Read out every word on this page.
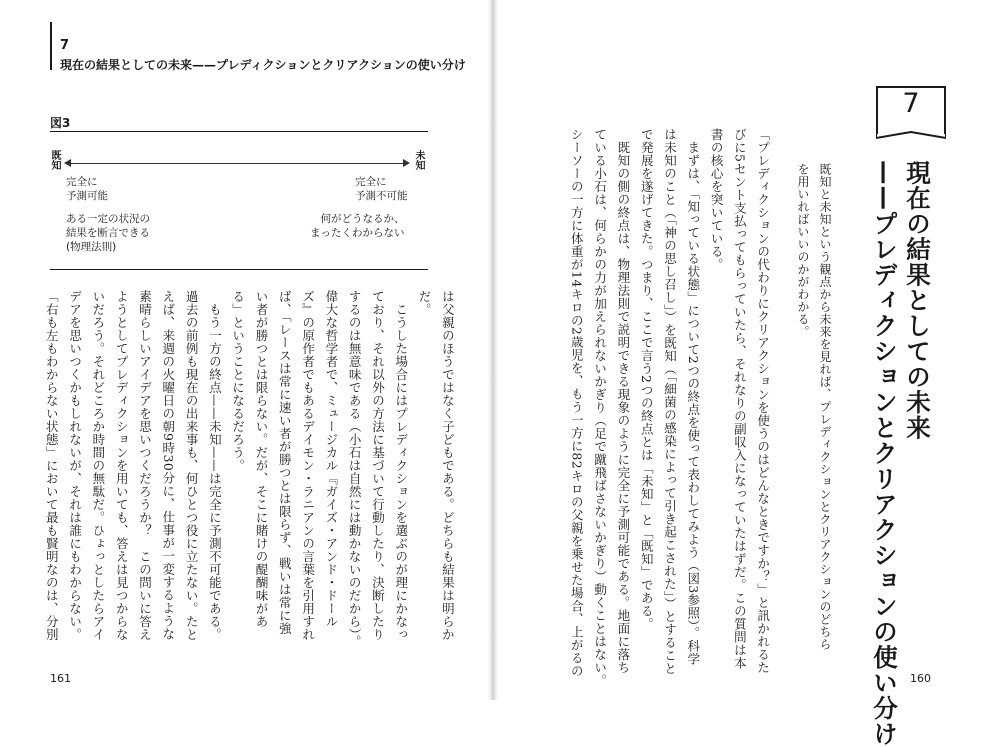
7
現在の結果としての未来——プレディクションとクリアクションの使い分け
図3
既知	未知
完全に
予測可能
完全に
予測不可能
ある一定の状況の
結果を断言できる
(物理法則)
何がどうなるか、
まったくわからない
は父親のほうではなく子どもである。どちらも結果は明らか
だ。
　こうした場合にはプレディクションを選ぶのが理にかなっ
ており、それ以外の方法に基づいて行動したり、決断したり
するのは無意味である（小石は自然には動かないのだから）。
偉大な哲学者で、ミュージカル『ガイズ・アンド・ドール
ズ』の原作者でもあるデイモン・ラニアンの言葉を引用すれ
ば、「レースは常に速い者が勝つとは限らず、戦いは常に強
い者が勝つとは限らない。だが、そこに賭けの醍醐味があ
る」ということになるだろう。
　もう一方の終点——未知——は完全に予測不可能である。
過去の前例も現在の出来事も、何ひとつ役に立たない。たと
えば、来週の火曜日の朝9時30分に、仕事が一変するような
素晴らしいアイデアを思いつくだろうか？　この問いに答え
ようとしてプレディクションを用いても、答えは見つからな
いだろう。それどころか時間の無駄だ。ひょっとしたらアイ
デアを思いつくかもしれないが、それは誰にもわからない。
「右も左もわからない状態」において最も賢明なのは、分別
161
「プレディクションの代わりにクリアクションを使うのはどんなときですか？」と訊かれるた
びに5セント支払ってもらっていたら、それなりの副収入になっていたはずだ。この質問は本
書の核心を突いている。
　まずは、「知っている状態」について2つの終点を使って表わしてみよう（図3参照）。科学
は未知のこと（「神の思し召し」）を既知（「細菌の感染によって引き起こされた」）とすること
で発展を遂げてきた。つまり、ここで言う2つの終点とは「未知」と「既知」である。
　既知の側の終点は、物理法則で説明できる現象のように完全に予測可能である。地面に落ち
ている小石は、何らかの力が加えられないかぎり（足で蹴飛ばさないかぎり）動くことはない。
シーソーの一方に体重が14キロの2歳児を、もう一方に82キロの父親を乗せた場合、上がるの
7
現在の結果としての未来
——プレディクションとクリアクションの使い分け
既知と未知という観点から未来を見れば、プレディクションとクリアクションのどちら
を用いればいいのかがわかる。
160
